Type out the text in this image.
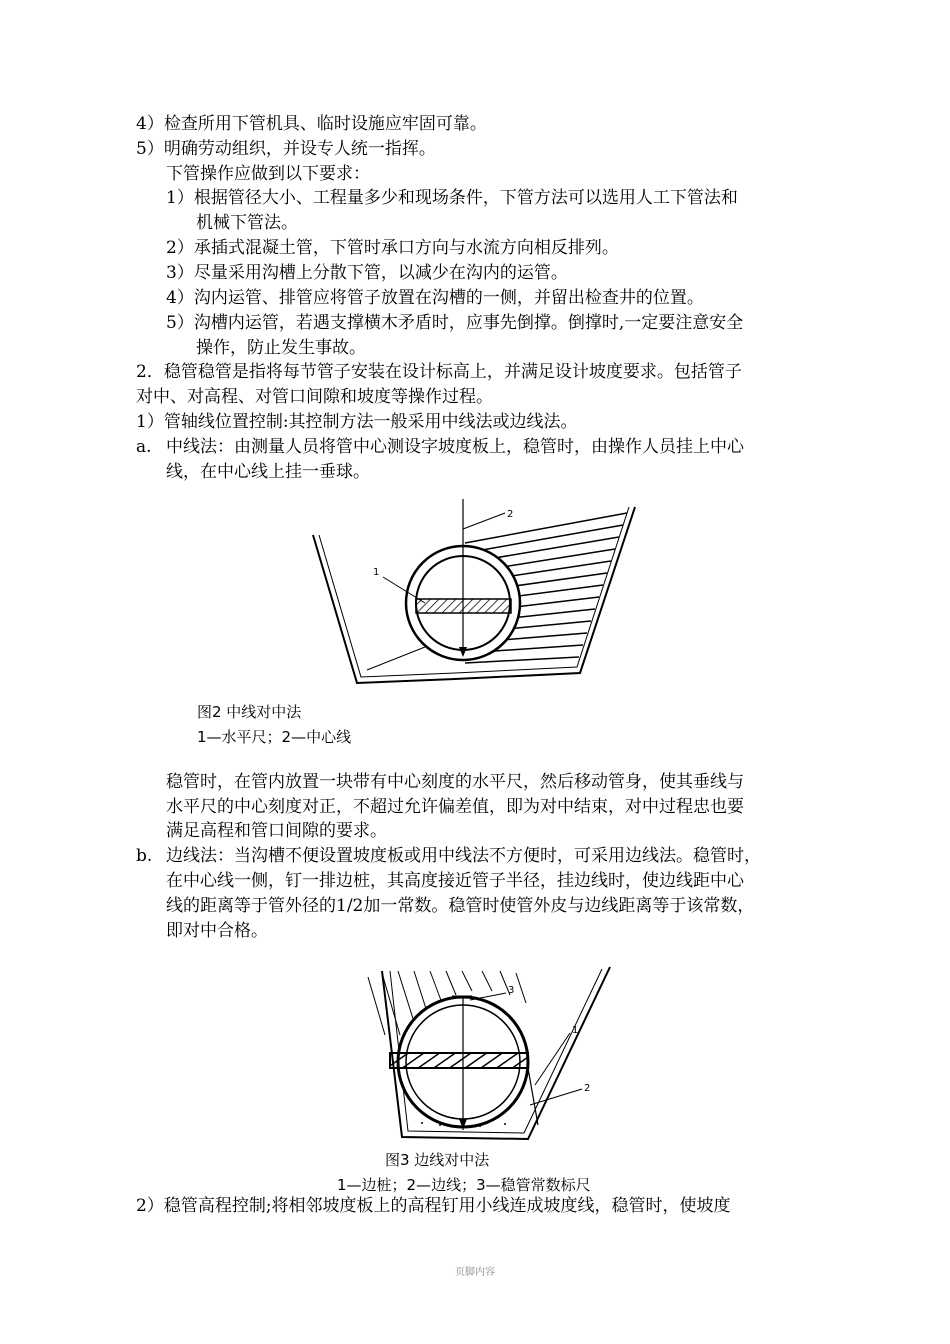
4）检查所用下管机具、临时设施应牢固可靠。
5）明确劳动组织，并设专人统一指挥。
下管操作应做到以下要求：
1）根据管径大小、工程量多少和现场条件，下管方法可以选用人工下管法和
机械下管法。
2）承插式混凝土管，下管时承口方向与水流方向相反排列。
3）尽量采用沟槽上分散下管，以减少在沟内的运管。
4）沟内运管、排管应将管子放置在沟槽的一侧，并留出检查井的位置。
5）沟槽内运管，若遇支撑横木矛盾时，应事先倒撑。倒撑时,一定要注意安全
操作，防止发生事故。
2．稳管稳管是指将每节管子安装在设计标高上，并满足设计坡度要求。包括管子
对中、对高程、对管口间隙和坡度等操作过程。
1）管轴线位置控制:其控制方法一般采用中线法或边线法。
a. 中线法：由测量人员将管中心测设字坡度板上，稳管时，由操作人员挂上中心
线，在中心线上挂一垂球。
2
1
图2 中线对中法
1—水平尺；2—中心线
稳管时，在管内放置一块带有中心刻度的水平尺，然后移动管身，使其垂线与
水平尺的中心刻度对正，不超过允许偏差值，即为对中结束，对中过程忠也要
满足高程和管口间隙的要求。
b. 边线法：当沟槽不便设置坡度板或用中线法不方便时，可采用边线法。稳管时，
在中心线一侧，钉一排边桩，其高度接近管子半径，挂边线时，使边线距中心
线的距离等于管外径的1/2加一常数。稳管时使管外皮与边线距离等于该常数，
即对中合格。
3
1
2
图3 边线对中法
1—边桩；2—边线；3—稳管常数标尺
2）稳管高程控制;将相邻坡度板上的高程钉用小线连成坡度线，稳管时，使坡度
页脚内容
